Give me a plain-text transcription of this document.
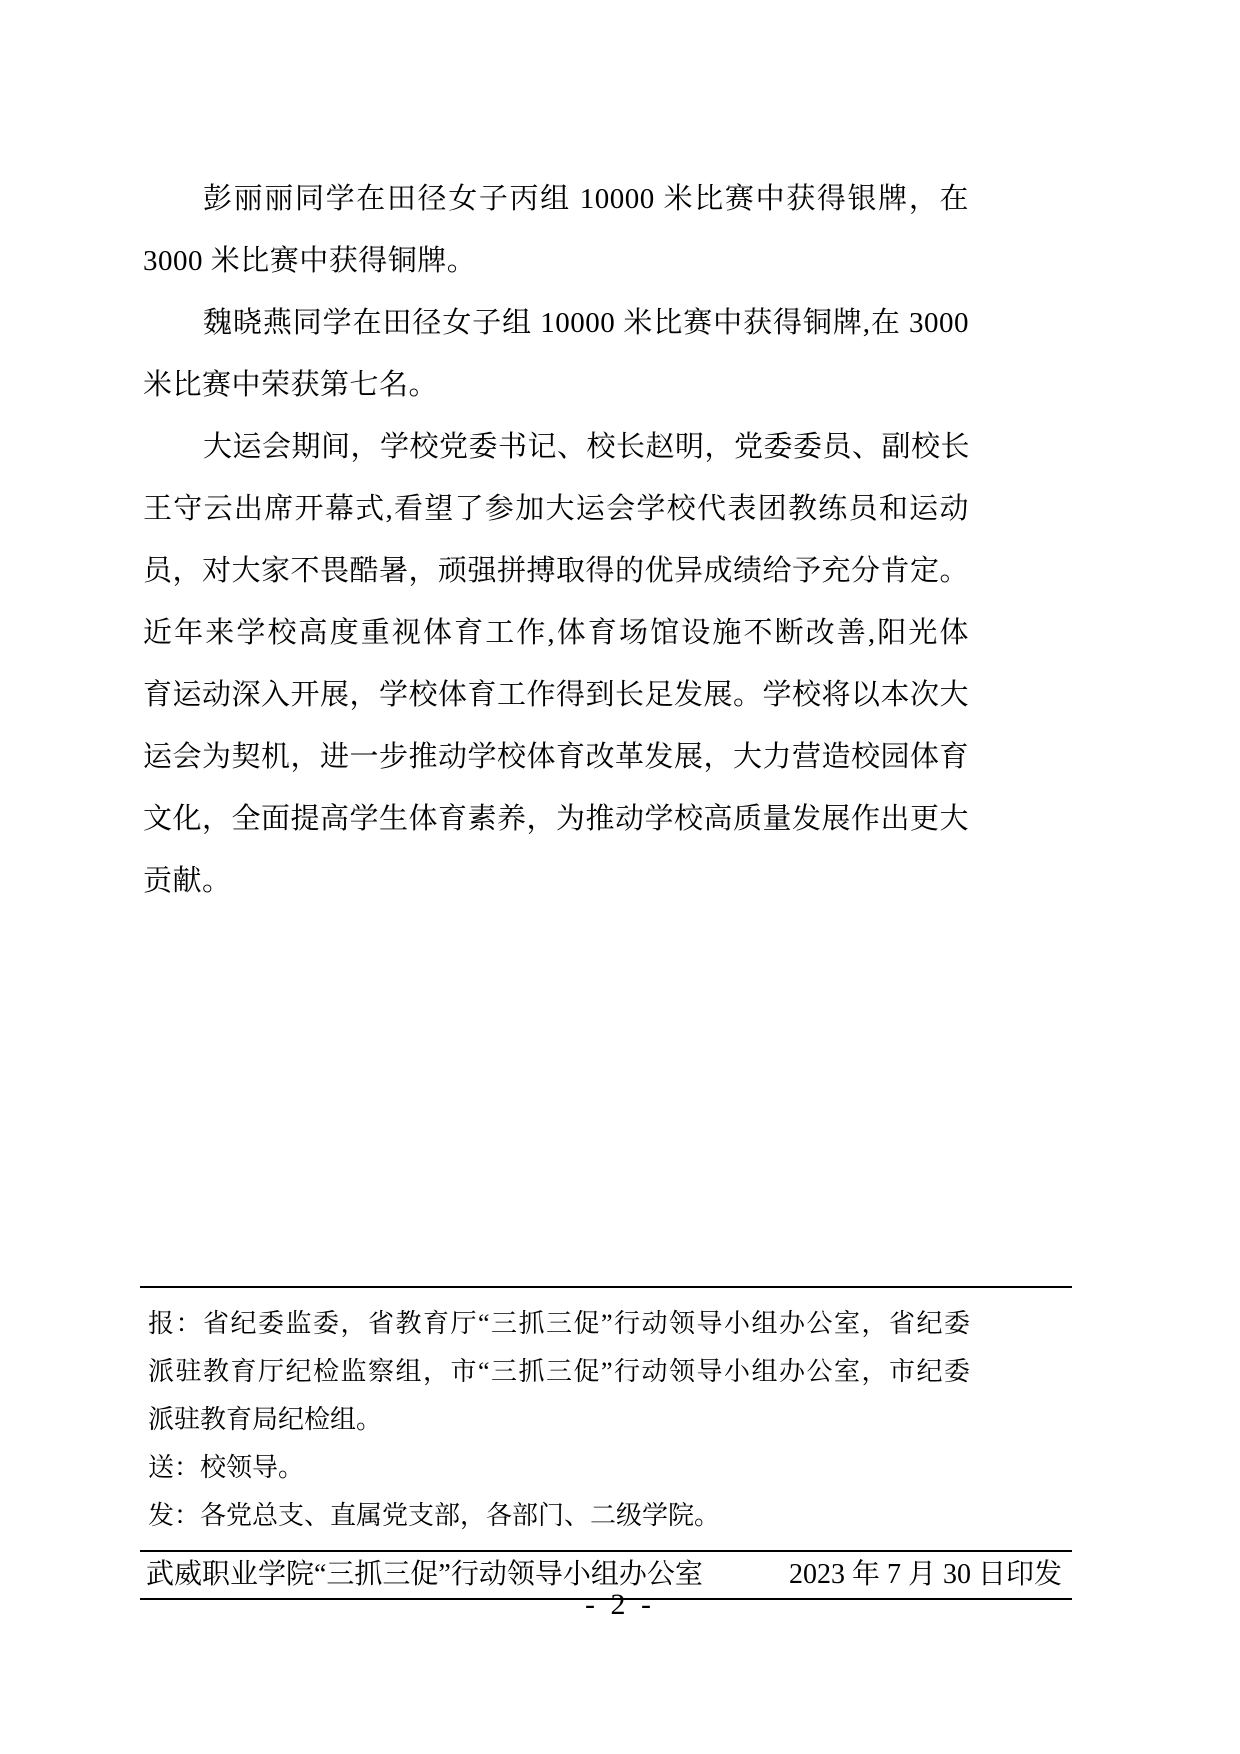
彭丽丽同学在田径女子丙组 10000 米比赛中获得银牌，在
3000 米比赛中获得铜牌。
魏晓燕同学在田径女子组 10000 米比赛中获得铜牌,在 3000
米比赛中荣获第七名。
大运会期间，学校党委书记、校长赵明，党委委员、副校长
王守云出席开幕式,看望了参加大运会学校代表团教练员和运动
员，对大家不畏酷暑，顽强拼搏取得的优异成绩给予充分肯定。
近年来学校高度重视体育工作,体育场馆设施不断改善,阳光体
育运动深入开展，学校体育工作得到长足发展。学校将以本次大
运会为契机，进一步推动学校体育改革发展，大力营造校园体育
文化，全面提高学生体育素养，为推动学校高质量发展作出更大
贡献。
报：省纪委监委，省教育厅“三抓三促”行动领导小组办公室，省纪委
派驻教育厅纪检监察组，市“三抓三促”行动领导小组办公室，市纪委
派驻教育局纪检组。
送：校领导。
发：各党总支、直属党支部，各部门、二级学院。
武威职业学院“三抓三促”行动领导小组办公室	2023 年 7 月 30 日印发
- 2 -
